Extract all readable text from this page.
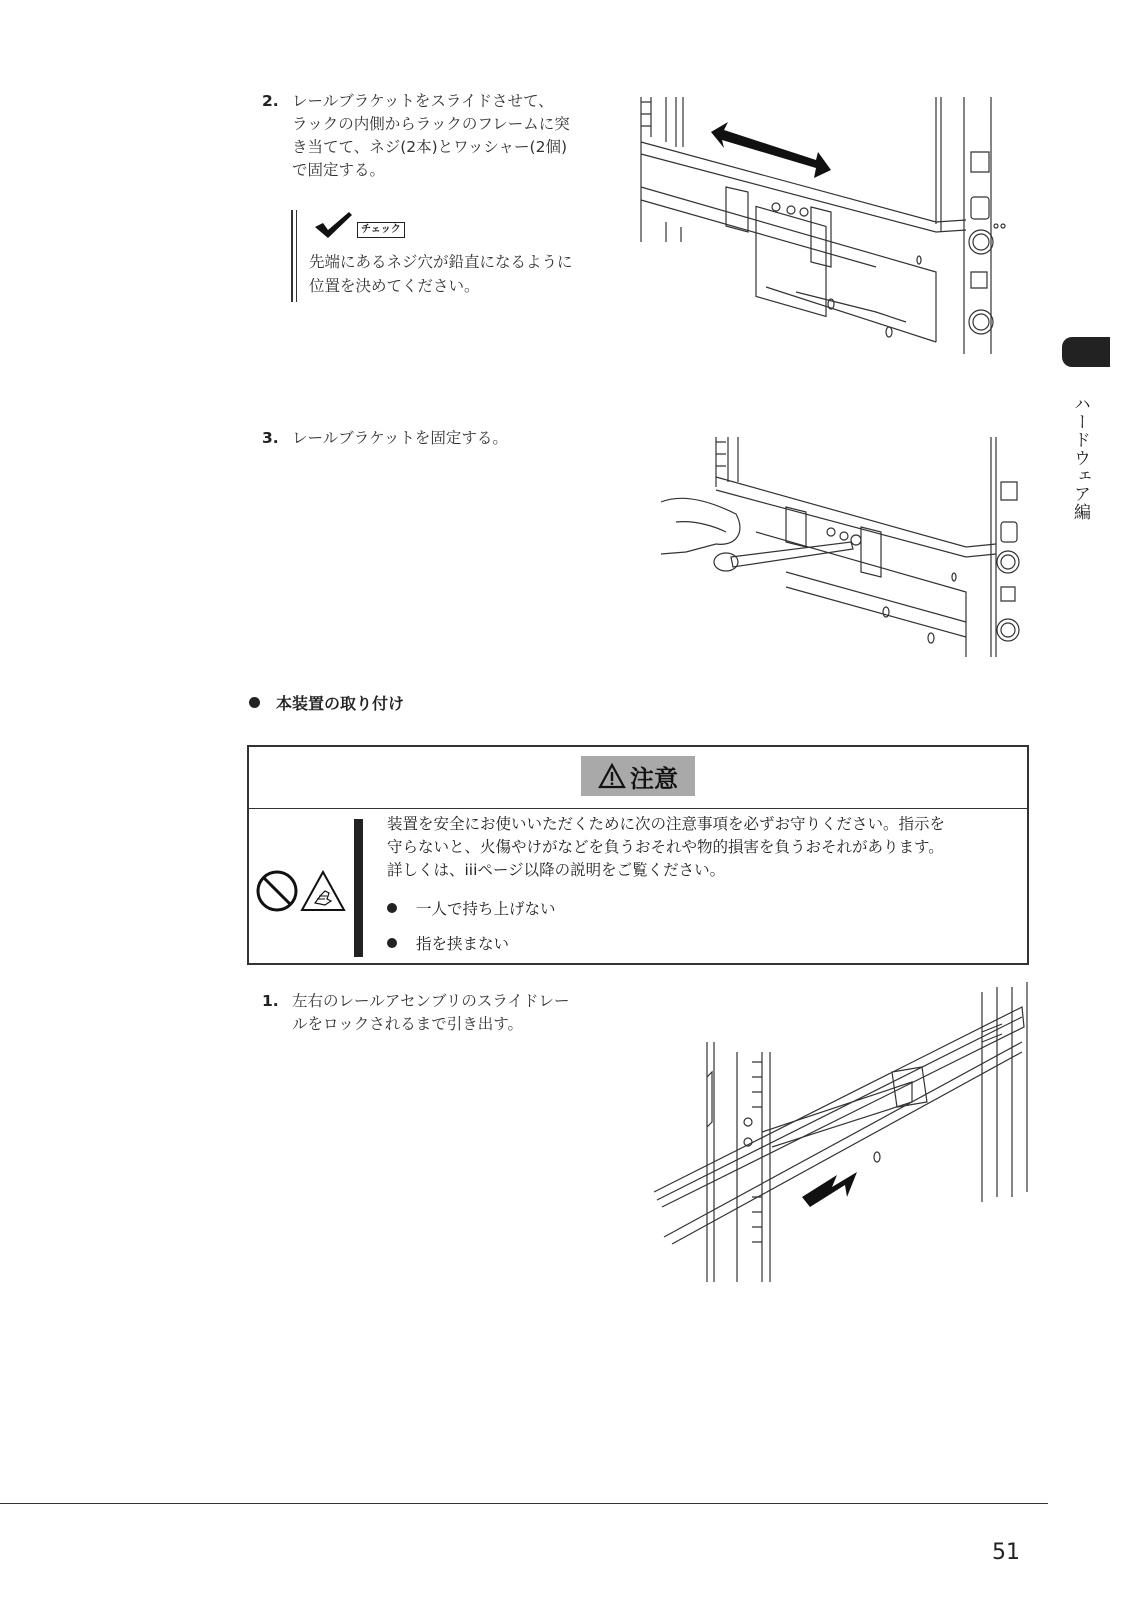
2. レールブラケットをスライドさせて、
ラックの内側からラックのフレームに突
き当てて、ネジ(2本)とワッシャー(2個)
で固定する。
チェック
先端にあるネジ穴が鉛直になるように
位置を決めてください。
3. レールブラケットを固定する。
本装置の取り付け
注意
装置を安全にお使いいただくために次の注意事項を必ずお守りください。指示を
守らないと、火傷やけがなどを負うおそれや物的損害を負うおそれがあります。
詳しくは、iiiページ以降の説明をご覧ください。
一人で持ち上げない
指を挟まない
1. 左右のレールアセンブリのスライドレー
ルをロックされるまで引き出す。
ハードウェア編
51
